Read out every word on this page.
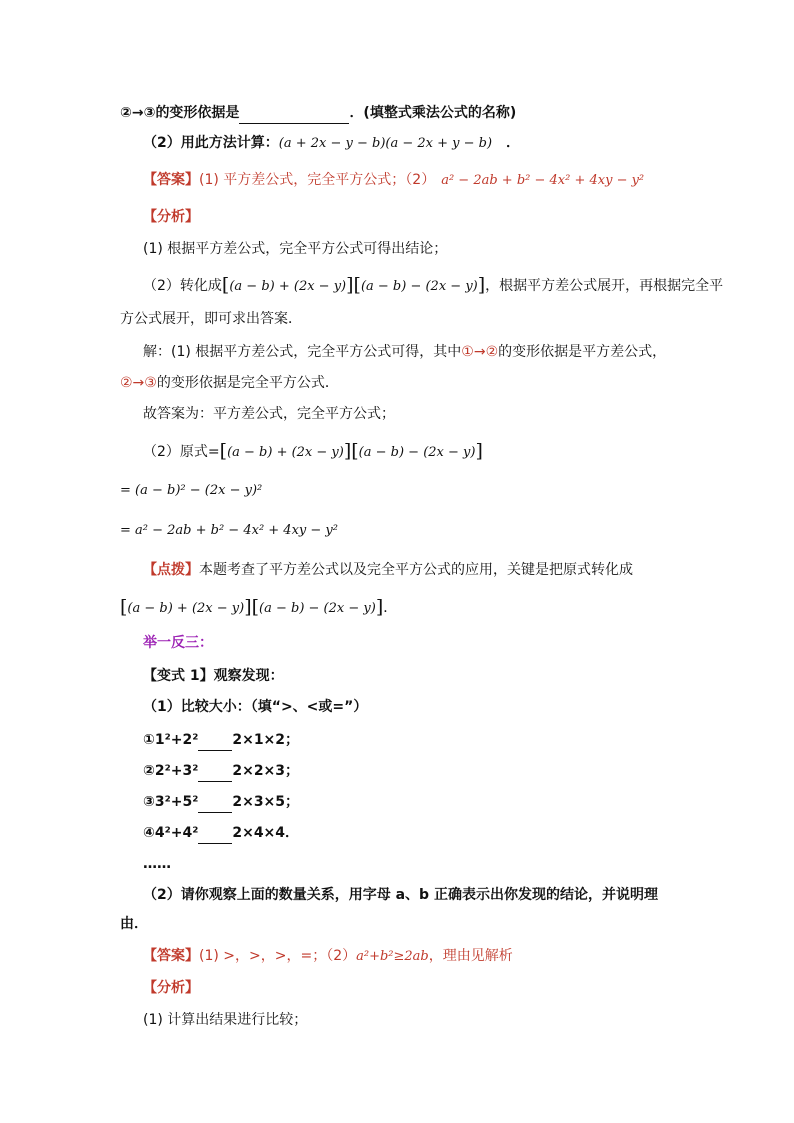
②→③的变形依据是	．(填整式乘法公式的名称)
（2）用此方法计算：(a + 2x − y − b)(a − 2x + y − b) ．
【答案】(1) 平方差公式，完全平方公式；（2） a² − 2ab + b² − 4x² + 4xy − y²
【分析】
(1) 根据平方差公式，完全平方公式可得出结论；
（2）转化成[(a − b) + (2x − y)][(a − b) − (2x − y)]，根据平方差公式展开，再根据完全平
方公式展开，即可求出答案．
解：(1) 根据平方差公式，完全平方公式可得，其中①→②的变形依据是平方差公式，
②→③的变形依据是完全平方公式．
故答案为：平方差公式，完全平方公式；
（2）原式=[(a − b) + (2x − y)][(a − b) − (2x − y)]
= (a − b)² − (2x − y)²
= a² − 2ab + b² − 4x² + 4xy − y²
【点拨】本题考查了平方差公式以及完全平方公式的应用，关键是把原式转化成
[(a − b) + (2x − y)][(a − b) − (2x − y)]．
举一反三：
【变式 1】观察发现：
（1）比较大小：（填“>、<或=”）
①1²+2² 2×1×2；
②2²+3² 2×2×3；
③3²+5² 2×3×5；
④4²+4² 2×4×4．
……
（2）请你观察上面的数量关系，用字母 a、b 正确表示出你发现的结论，并说明理
由．
【答案】(1) >，>，>，=；（2）a²+b²≥2ab，理由见解析
【分析】
(1) 计算出结果进行比较；
